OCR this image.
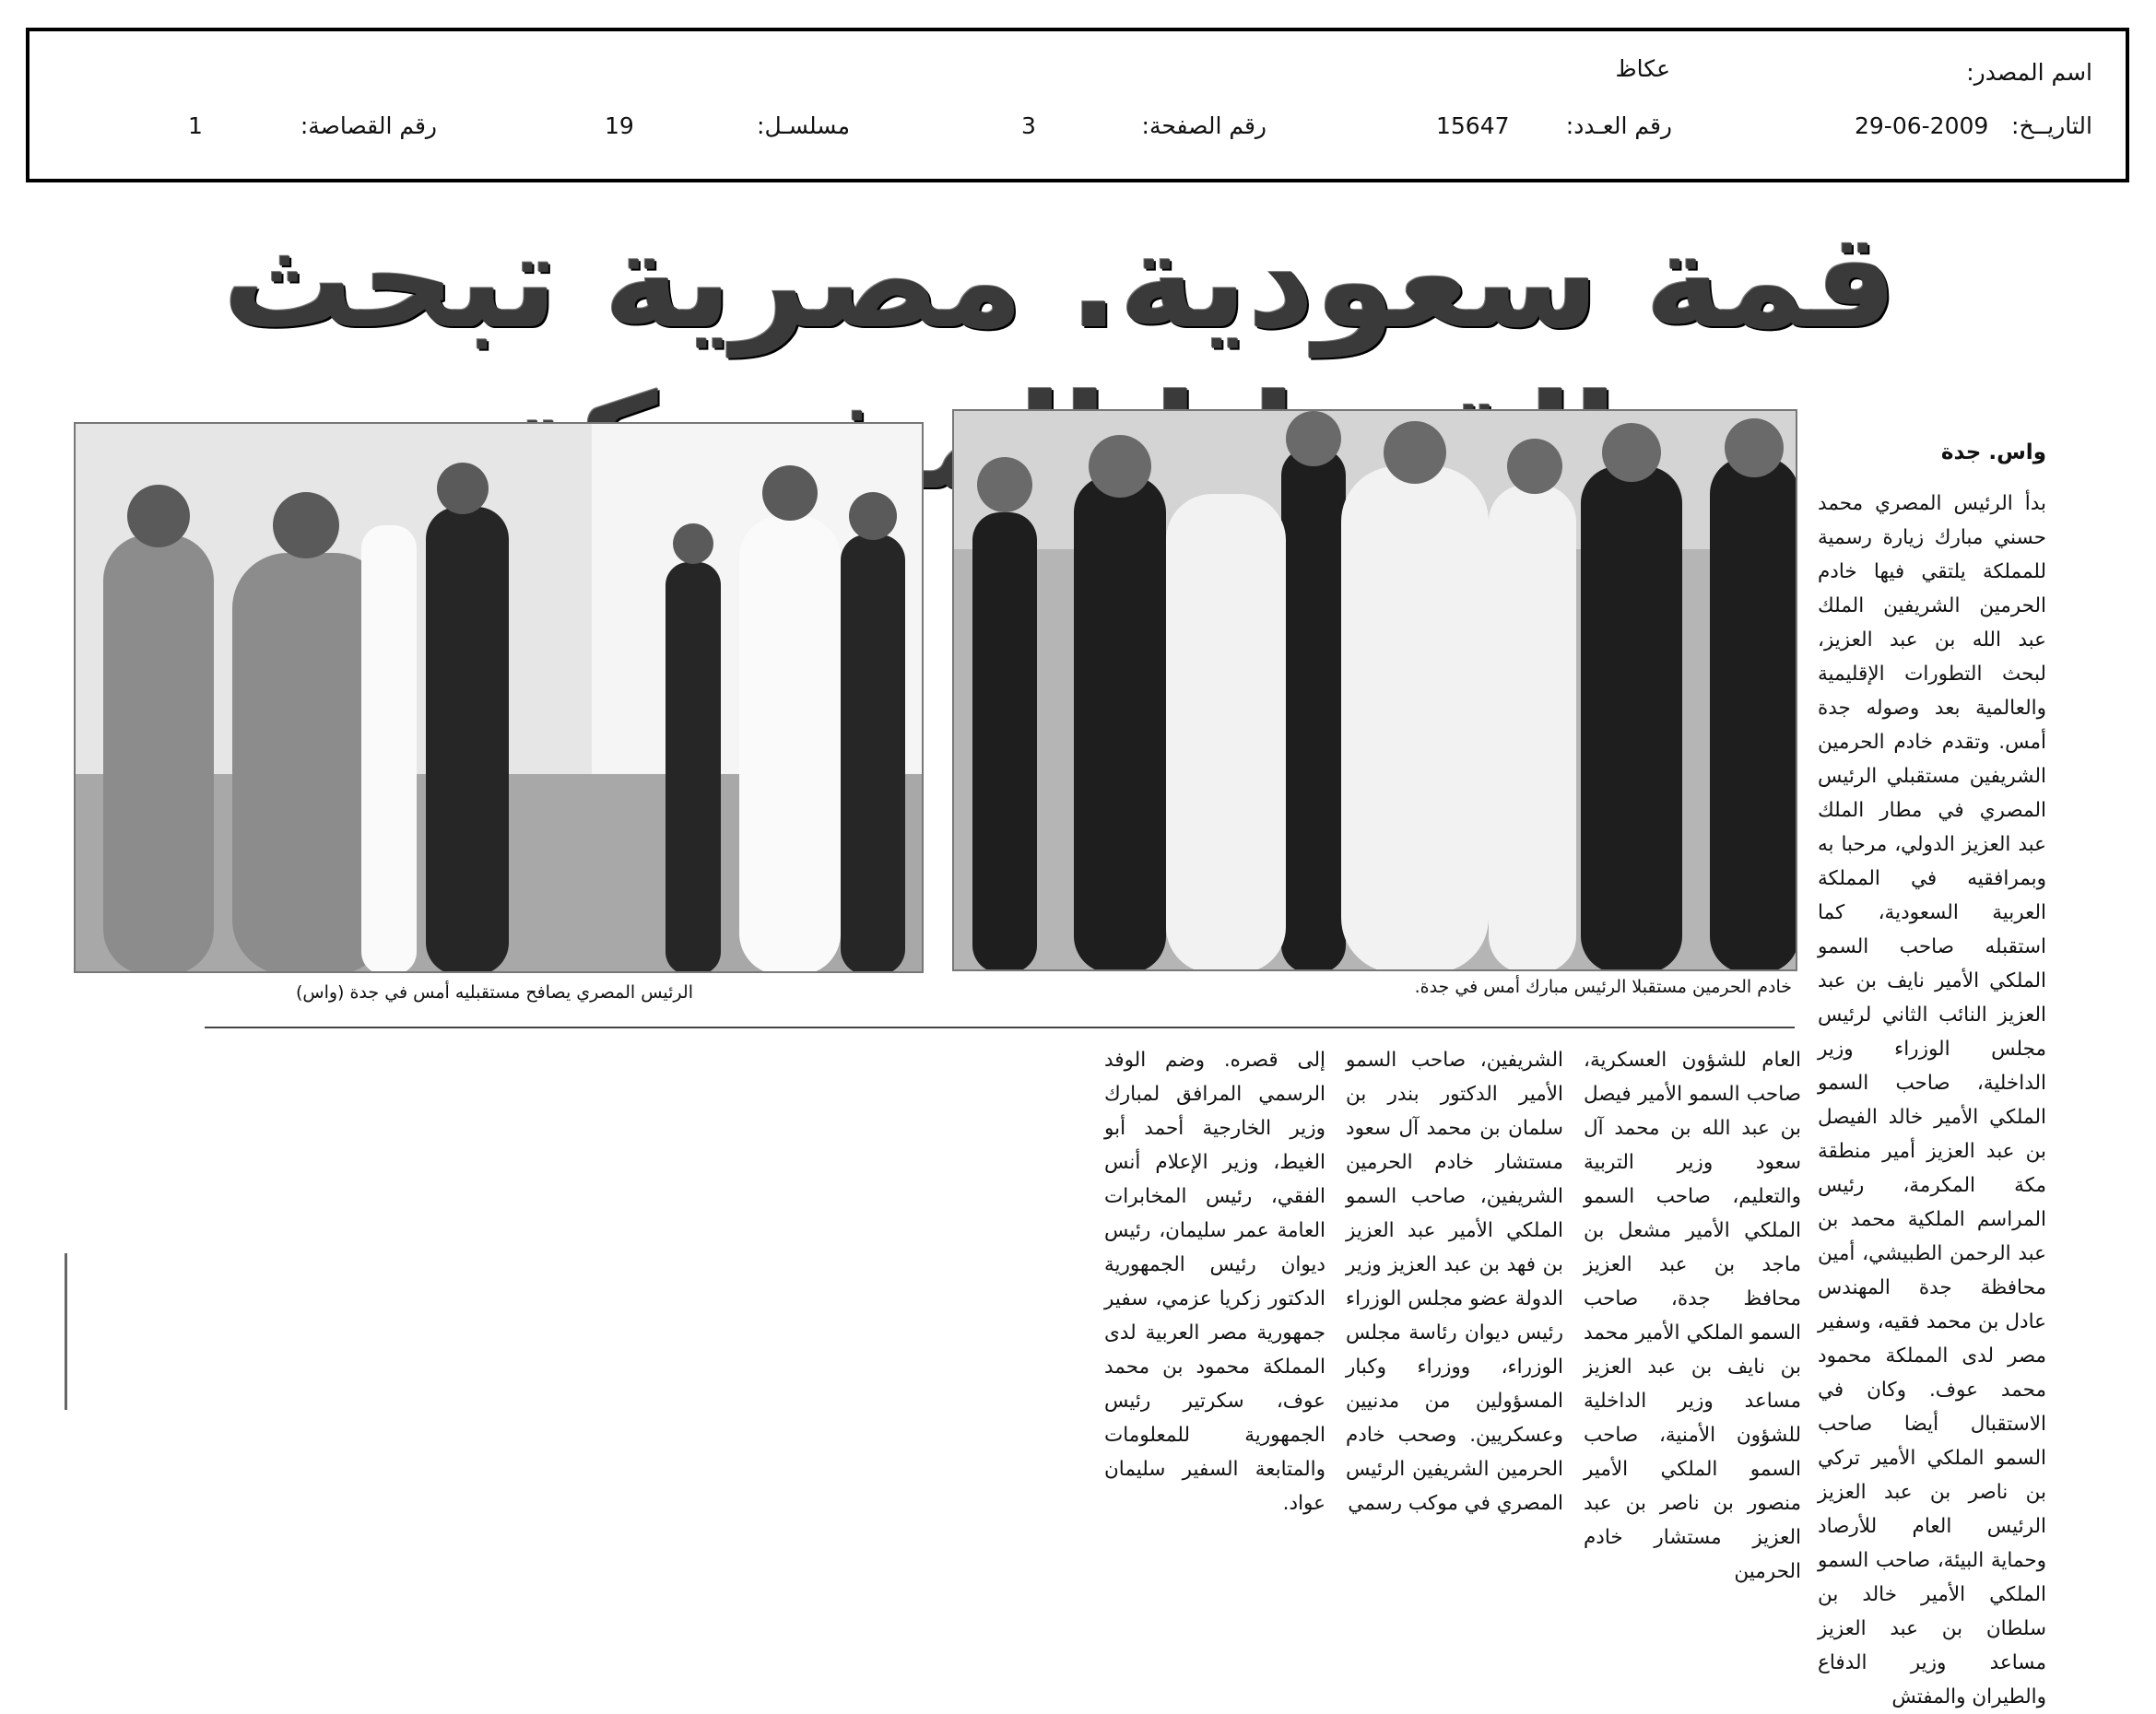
اسم المصدر:
عكاظ
التاريــخ:
29-06-2009
رقم العـدد:
15647
رقم الصفحة:
3
مسلسـل:
19
رقم القصاصة:
1
قمة سعودية. مصرية تبحث
خادم الحرمين مستقبلا الرئيس مبارك أمس في جدة.
الرئيس المصري يصافح مستقبليه أمس في جدة (واس)
واس. جدة

بدأ الرئيس المصري محمد حسني مبارك زيارة رسمية للمملكة يلتقي فيها خادم الحرمين الشريفين الملك عبد الله بن عبد العزيز، لبحث التطورات الإقليمية والعالمية بعد وصوله جدة أمس. وتقدم خادم الحرمين الشريفين مستقبلي الرئيس المصري في مطار الملك عبد العزيز الدولي، مرحبا به وبمرافقيه في المملكة العربية السعودية، كما استقبله صاحب السمو الملكي الأمير نايف بن عبد العزيز النائب الثاني لرئيس مجلس الوزراء وزير الداخلية، صاحب السمو الملكي الأمير خالد الفيصل بن عبد العزيز أمير منطقة مكة المكرمة، رئيس المراسم الملكية محمد بن عبد الرحمن الطبيشي، أمين محافظة جدة المهندس عادل بن محمد فقيه، وسفير مصر لدى المملكة محمود محمد عوف. وكان في الاستقبال أيضا صاحب السمو الملكي الأمير تركي بن ناصر بن عبد العزيز الرئيس العام للأرصاد وحماية البيئة، صاحب السمو الملكي الأمير خالد بن سلطان بن عبد العزيز مساعد وزير الدفاع والطيران والمفتش

العام للشؤون العسكرية، صاحب السمو الأمير فيصل بن عبد الله بن محمد آل سعود وزير التربية والتعليم، صاحب السمو الملكي الأمير مشعل بن ماجد بن عبد العزيز محافظ جدة، صاحب السمو الملكي الأمير محمد بن نايف بن عبد العزيز مساعد وزير الداخلية للشؤون الأمنية، صاحب السمو الملكي الأمير منصور بن ناصر بن عبد العزيز مستشار خادم الحرمين

الشريفين، صاحب السمو الأمير الدكتور بندر بن سلمان بن محمد آل سعود مستشار خادم الحرمين الشريفين، صاحب السمو الملكي الأمير عبد العزيز بن فهد بن عبد العزيز وزير الدولة عضو مجلس الوزراء رئيس ديوان رئاسة مجلس الوزراء، ووزراء وكبار المسؤولين من مدنيين وعسكريين. وصحب خادم الحرمين الشريفين الرئيس المصري في موكب رسمي

إلى قصره. وضم الوفد الرسمي المرافق لمبارك وزير الخارجية أحمد أبو الغيط، وزير الإعلام أنس الفقي، رئيس المخابرات العامة عمر سليمان، رئيس ديوان رئيس الجمهورية الدكتور زكريا عزمي، سفير جمهورية مصر العربية لدى المملكة محمود بن محمد عوف، سكرتير رئيس الجمهورية للمعلومات والمتابعة السفير سليمان عواد.
